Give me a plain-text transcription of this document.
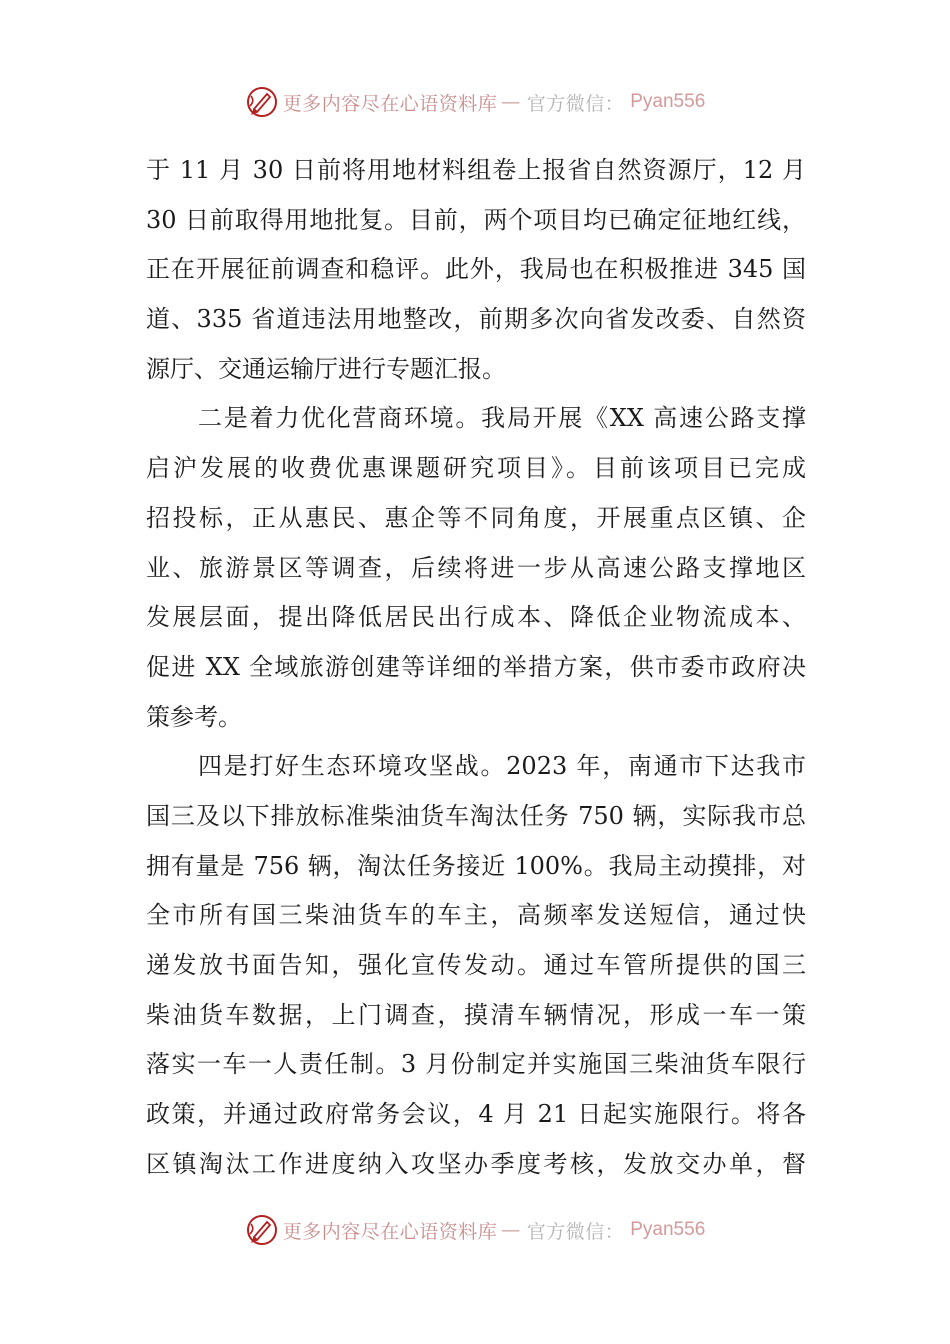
更多内容尽在心语资料库 — 官方微信： Pyan556
于 11 月 30 日前将用地材料组卷上报省自然资源厅，12 月
30 日前取得用地批复。目前，两个项目均已确定征地红线，
正在开展征前调查和稳评。此外，我局也在积极推进 345 国
道、335 省道违法用地整改，前期多次向省发改委、自然资
源厅、交通运输厅进行专题汇报。
二是着力优化营商环境。我局开展《XX 高速公路支撑
启沪发展的收费优惠课题研究项目》。目前该项目已完成
招投标，正从惠民、惠企等不同角度，开展重点区镇、企
业、旅游景区等调查，后续将进一步从高速公路支撑地区
发展层面，提出降低居民出行成本、降低企业物流成本、
促进 XX 全域旅游创建等详细的举措方案，供市委市政府决
策参考。
四是打好生态环境攻坚战。2023 年，南通市下达我市
国三及以下排放标准柴油货车淘汰任务 750 辆，实际我市总
拥有量是 756 辆，淘汰任务接近 100%。我局主动摸排，对
全市所有国三柴油货车的车主，高频率发送短信，通过快
递发放书面告知，强化宣传发动。通过车管所提供的国三
柴油货车数据，上门调查，摸清车辆情况，形成一车一策
落实一车一人责任制。3 月份制定并实施国三柴油货车限行
政策，并通过政府常务会议，4 月 21 日起实施限行。将各
区镇淘汰工作进度纳入攻坚办季度考核，发放交办单，督
更多内容尽在心语资料库 — 官方微信： Pyan556
